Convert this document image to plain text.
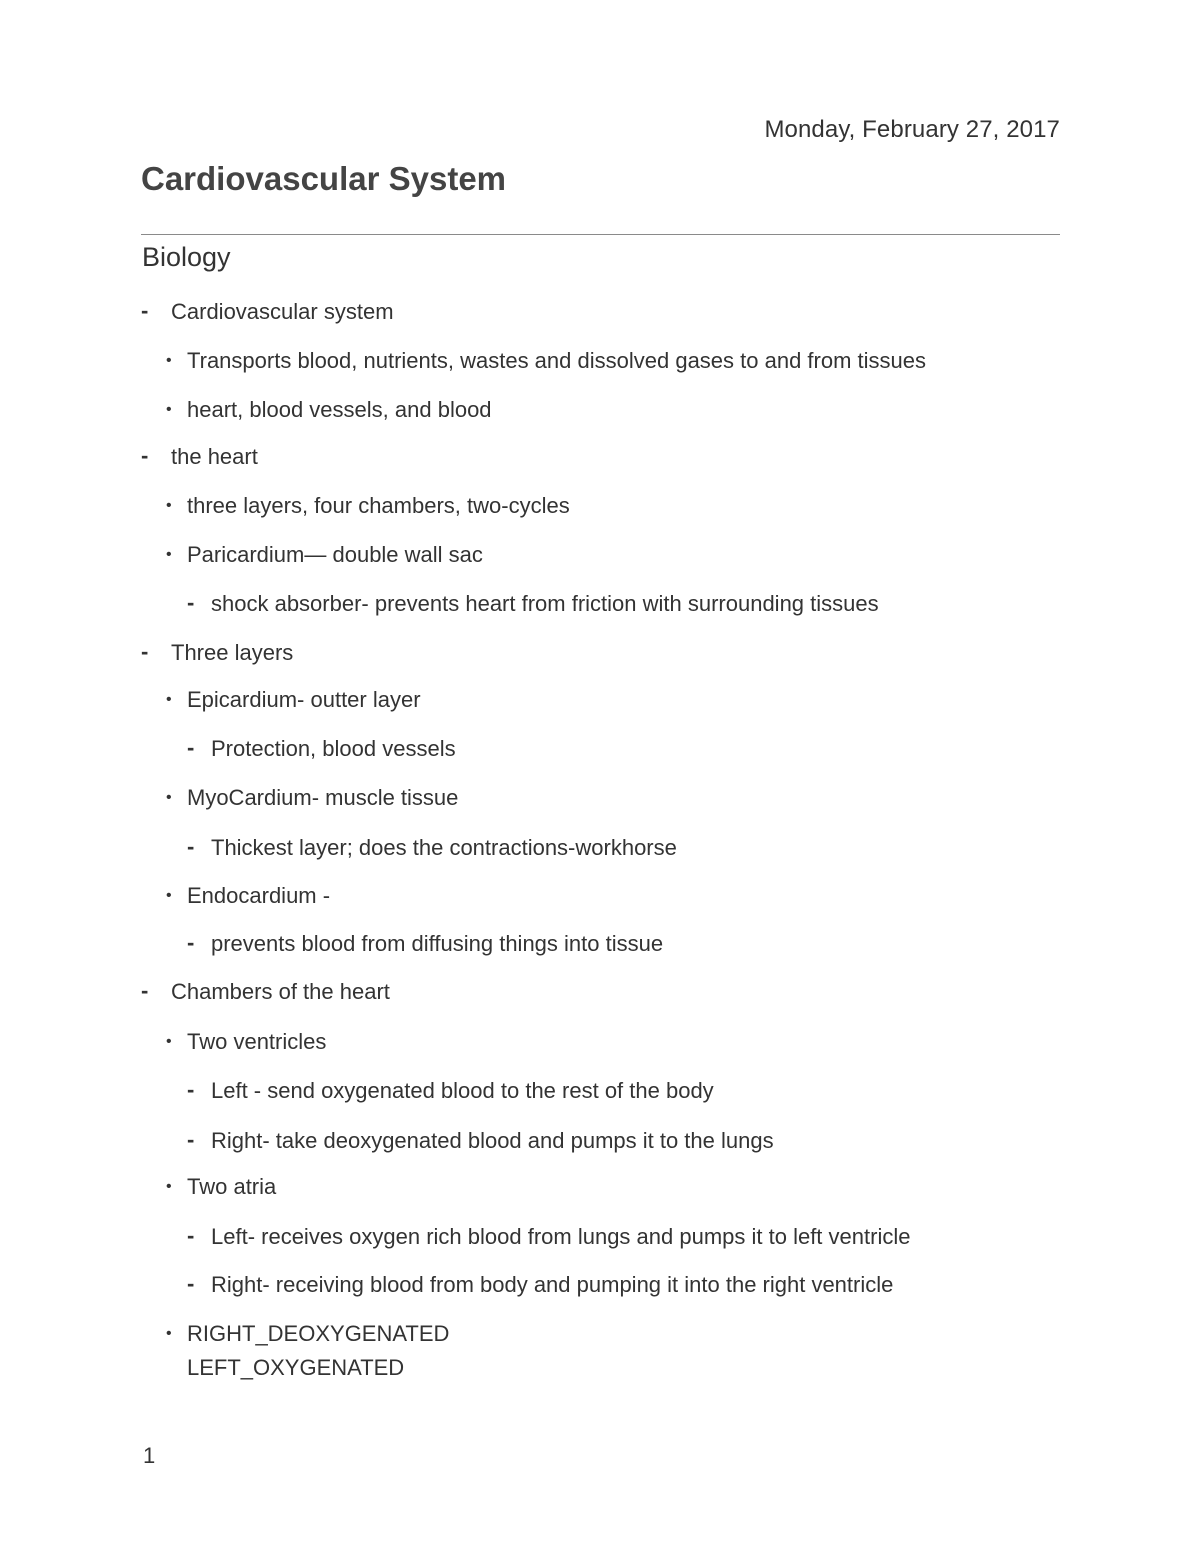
Monday, February 27, 2017
Cardiovascular System
Biology
- Cardiovascular system
• Transports blood, nutrients, wastes and dissolved gases to and from tissues
• heart, blood vessels, and blood
- the heart
• three layers, four chambers, two-cycles
• Paricardium— double wall sac
- shock absorber- prevents heart from friction with surrounding tissues
- Three layers
• Epicardium- outter layer
- Protection, blood vessels
• MyoCardium- muscle tissue
- Thickest layer; does the contractions-workhorse
• Endocardium -
- prevents blood from diffusing things into tissue
- Chambers of the heart
• Two ventricles
- Left - send oxygenated blood to the rest of the body
- Right- take deoxygenated blood and pumps it to the lungs
• Two atria
- Left- receives oxygen rich blood from lungs and pumps it to left ventricle
- Right- receiving blood from body and pumping it into the right ventricle
• RIGHT_DEOXYGENATED
LEFT_OXYGENATED
1
